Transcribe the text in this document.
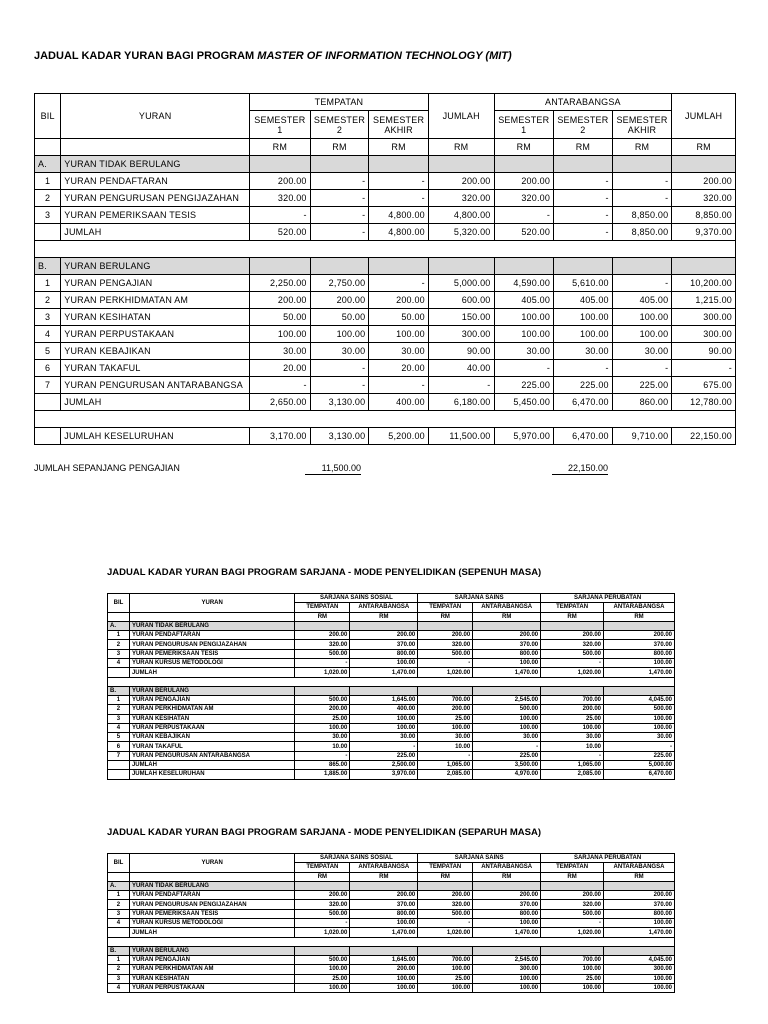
JADUAL KADAR YURAN BAGI PROGRAM MASTER OF INFORMATION TECHNOLOGY (MIT)
BIL	YURAN	TEMPATAN			JUMLAH	ANTARABANGSA			JUMLAH
		SEMESTER 1	SEMESTER 2	SEMESTER AKHIR		SEMESTER 1	SEMESTER 2	SEMESTER AKHIR	
		RM	RM	RM	RM	RM	RM	RM	RM
A.	YURAN TIDAK BERULANG								
1	YURAN PENDAFTARAN	200.00	-	-	200.00	200.00	-	-	200.00
2	YURAN PENGURUSAN PENGIJAZAHAN	320.00	-	-	320.00	320.00	-	-	320.00
3	YURAN PEMERIKSAAN TESIS	-	-	4,800.00	4,800.00	-	-	8,850.00	8,850.00
	JUMLAH	520.00	-	4,800.00	5,320.00	520.00	-	8,850.00	9,370.00

B.	YURAN BERULANG								
1	YURAN PENGAJIAN	2,250.00	2,750.00	-	5,000.00	4,590.00	5,610.00	-	10,200.00
2	YURAN PERKHIDMATAN AM	200.00	200.00	200.00	600.00	405.00	405.00	405.00	1,215.00
3	YURAN KESIHATAN	50.00	50.00	50.00	150.00	100.00	100.00	100.00	300.00
4	YURAN PERPUSTAKAAN	100.00	100.00	100.00	300.00	100.00	100.00	100.00	300.00
5	YURAN KEBAJIKAN	30.00	30.00	30.00	90.00	30.00	30.00	30.00	90.00
6	YURAN TAKAFUL	20.00	-	20.00	40.00	-	-	-	-
7	YURAN PENGURUSAN ANTARABANGSA	-	-	-	-	225.00	225.00	225.00	675.00
	JUMLAH	2,650.00	3,130.00	400.00	6,180.00	5,450.00	6,470.00	860.00	12,780.00

	JUMLAH KESELURUHAN	3,170.00	3,130.00	5,200.00	11,500.00	5,970.00	6,470.00	9,710.00	22,150.00
JUMLAH SEPANJANG PENGAJIAN	11,500.00	22,150.00
JADUAL KADAR YURAN BAGI PROGRAM SARJANA - MODE PENYELIDIKAN (SEPENUH MASA)
BIL	YURAN	SARJANA SAINS SOSIAL		SARJANA SAINS		SARJANA PERUBATAN	
		TEMPATAN	ANTARABANGSA	TEMPATAN	ANTARABANGSA	TEMPATAN	ANTARABANGSA
		RM	RM	RM	RM	RM	RM
A.	YURAN TIDAK BERULANG						
1	YURAN PENDAFTARAN	200.00	200.00	200.00	200.00	200.00	200.00
2	YURAN PENGURUSAN PENGIJAZAHAN	320.00	370.00	320.00	370.00	320.00	370.00
3	YURAN PEMERIKSAAN TESIS	500.00	800.00	500.00	800.00	500.00	800.00
4	YURAN KURSUS METODOLOGI	-	100.00	-	100.00	-	100.00
	JUMLAH	1,020.00	1,470.00	1,020.00	1,470.00	1,020.00	1,470.00

B.	YURAN BERULANG						
1	YURAN PENGAJIAN	500.00	1,645.00	700.00	2,545.00	700.00	4,045.00
2	YURAN PERKHIDMATAN AM	200.00	400.00	200.00	500.00	200.00	500.00
3	YURAN KESIHATAN	25.00	100.00	25.00	100.00	25.00	100.00
4	YURAN PERPUSTAKAAN	100.00	100.00	100.00	100.00	100.00	100.00
5	YURAN KEBAJIKAN	30.00	30.00	30.00	30.00	30.00	30.00
6	YURAN TAKAFUL	10.00	-	10.00	-	10.00	-
7	YURAN PENGURUSAN ANTARABANGSA	-	225.00	-	225.00	-	225.00
	JUMLAH	865.00	2,500.00	1,065.00	3,500.00	1,065.00	5,000.00
	JUMLAH KESELURUHAN	1,885.00	3,970.00	2,085.00	4,970.00	2,085.00	6,470.00
JADUAL KADAR YURAN BAGI PROGRAM SARJANA - MODE PENYELIDIKAN (SEPARUH MASA)
BIL	YURAN	SARJANA SAINS SOSIAL		SARJANA SAINS		SARJANA PERUBATAN	
		TEMPATAN	ANTARABANGSA	TEMPATAN	ANTARABANGSA	TEMPATAN	ANTARABANGSA
		RM	RM	RM	RM	RM	RM
A.	YURAN TIDAK BERULANG						
1	YURAN PENDAFTARAN	200.00	200.00	200.00	200.00	200.00	200.00
2	YURAN PENGURUSAN PENGIJAZAHAN	320.00	370.00	320.00	370.00	320.00	370.00
3	YURAN PEMERIKSAAN TESIS	500.00	800.00	500.00	800.00	500.00	800.00
4	YURAN KURSUS METODOLOGI	-	100.00	-	100.00	-	100.00
	JUMLAH	1,020.00	1,470.00	1,020.00	1,470.00	1,020.00	1,470.00

B.	YURAN BERULANG						
1	YURAN PENGAJIAN	500.00	1,645.00	700.00	2,545.00	700.00	4,045.00
2	YURAN PERKHIDMATAN AM	100.00	200.00	100.00	300.00	100.00	300.00
3	YURAN KESIHATAN	25.00	100.00	25.00	100.00	25.00	100.00
4	YURAN PERPUSTAKAAN	100.00	100.00	100.00	100.00	100.00	100.00
